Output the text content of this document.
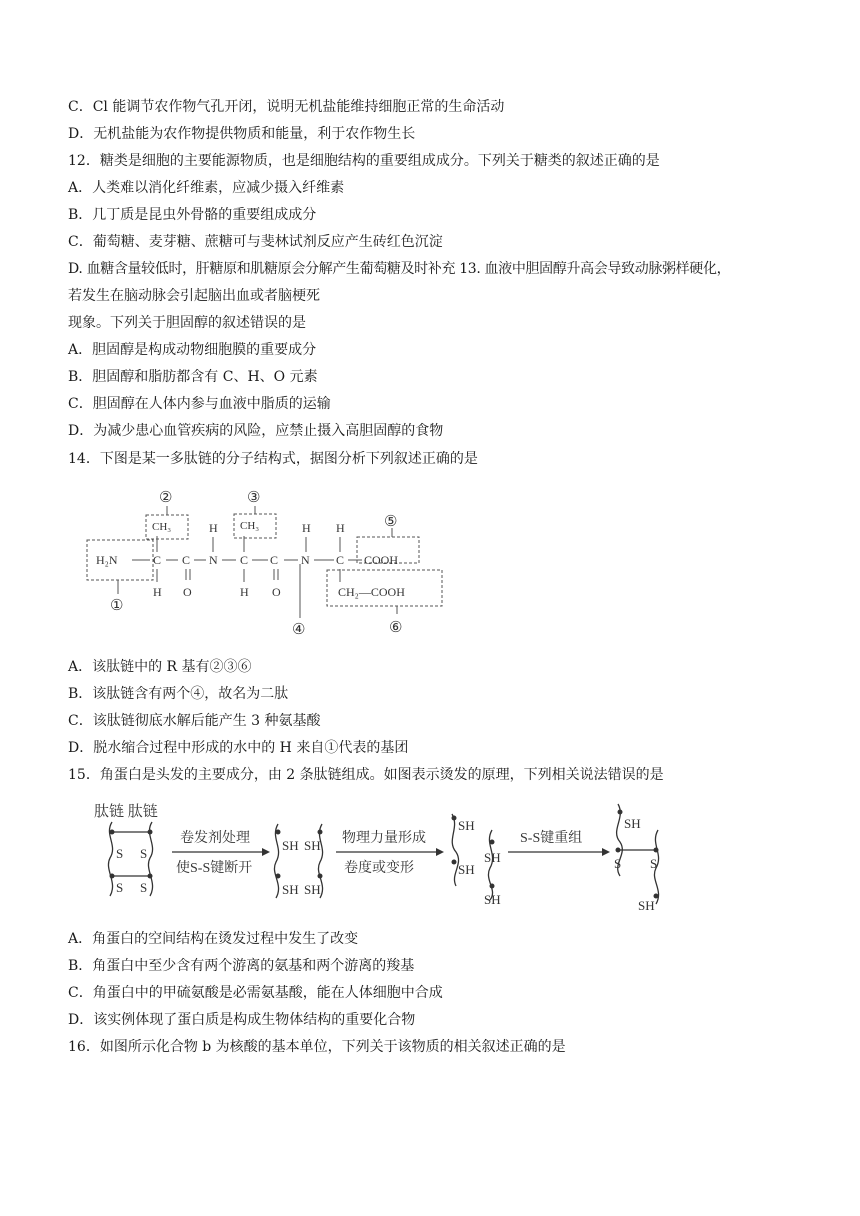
C．Cl 能调节农作物气孔开闭，说明无机盐能维持细胞正常的生命活动
D．无机盐能为农作物提供物质和能量，利于农作物生长
12．糖类是细胞的主要能源物质，也是细胞结构的重要组成成分。下列关于糖类的叙述正确的是
A．人类难以消化纤维素，应减少摄入纤维素
B．几丁质是昆虫外骨骼的重要组成成分
C．葡萄糖、麦芽糖、蔗糖可与斐林试剂反应产生砖红色沉淀
D. 血糖含量较低时，肝糖原和肌糖原会分解产生葡萄糖及时补充 13. 血液中胆固醇升高会导致动脉粥样硬化，
若发生在脑动脉会引起脑出血或者脑梗死
现象。下列关于胆固醇的叙述错误的是
A．胆固醇是构成动物细胞膜的重要成分
B．胆固醇和脂肪都含有 C、H、O 元素
C．胆固醇在人体内参与血液中脂质的运输
D．为减少患心血管疾病的风险，应禁止摄入高胆固醇的食物
14．下图是某一多肽链的分子结构式，据图分析下列叙述正确的是
H₂N
CH₃	CH₃
C C N C C N C
H	H H
H	H
O	O
COOH
CH₂—COOH
①
②	③
④
⑤
⑥
A．该肽链中的 R 基有②③⑥
B．该肽链含有两个④，故名为二肽
C．该肽链彻底水解后能产生 3 种氨基酸
D．脱水缩合过程中形成的水中的 H 来自①代表的基团
15．角蛋白是头发的主要成分，由 2 条肽链组成。如图表示烫发的原理，下列相关说法错误的是
肽链 肽链
S S
S S
卷发剂处理
使S-S键断开
SH SH
SH SH
物理力量形成
卷度或变形
SH
SH
SH
SH
S-S键重组
SH
S S
SH
A．角蛋白的空间结构在烫发过程中发生了改变
B．角蛋白中至少含有两个游离的氨基和两个游离的羧基
C．角蛋白中的甲硫氨酸是必需氨基酸，能在人体细胞中合成
D．该实例体现了蛋白质是构成生物体结构的重要化合物
16．如图所示化合物 b 为核酸的基本单位，下列关于该物质的相关叙述正确的是
